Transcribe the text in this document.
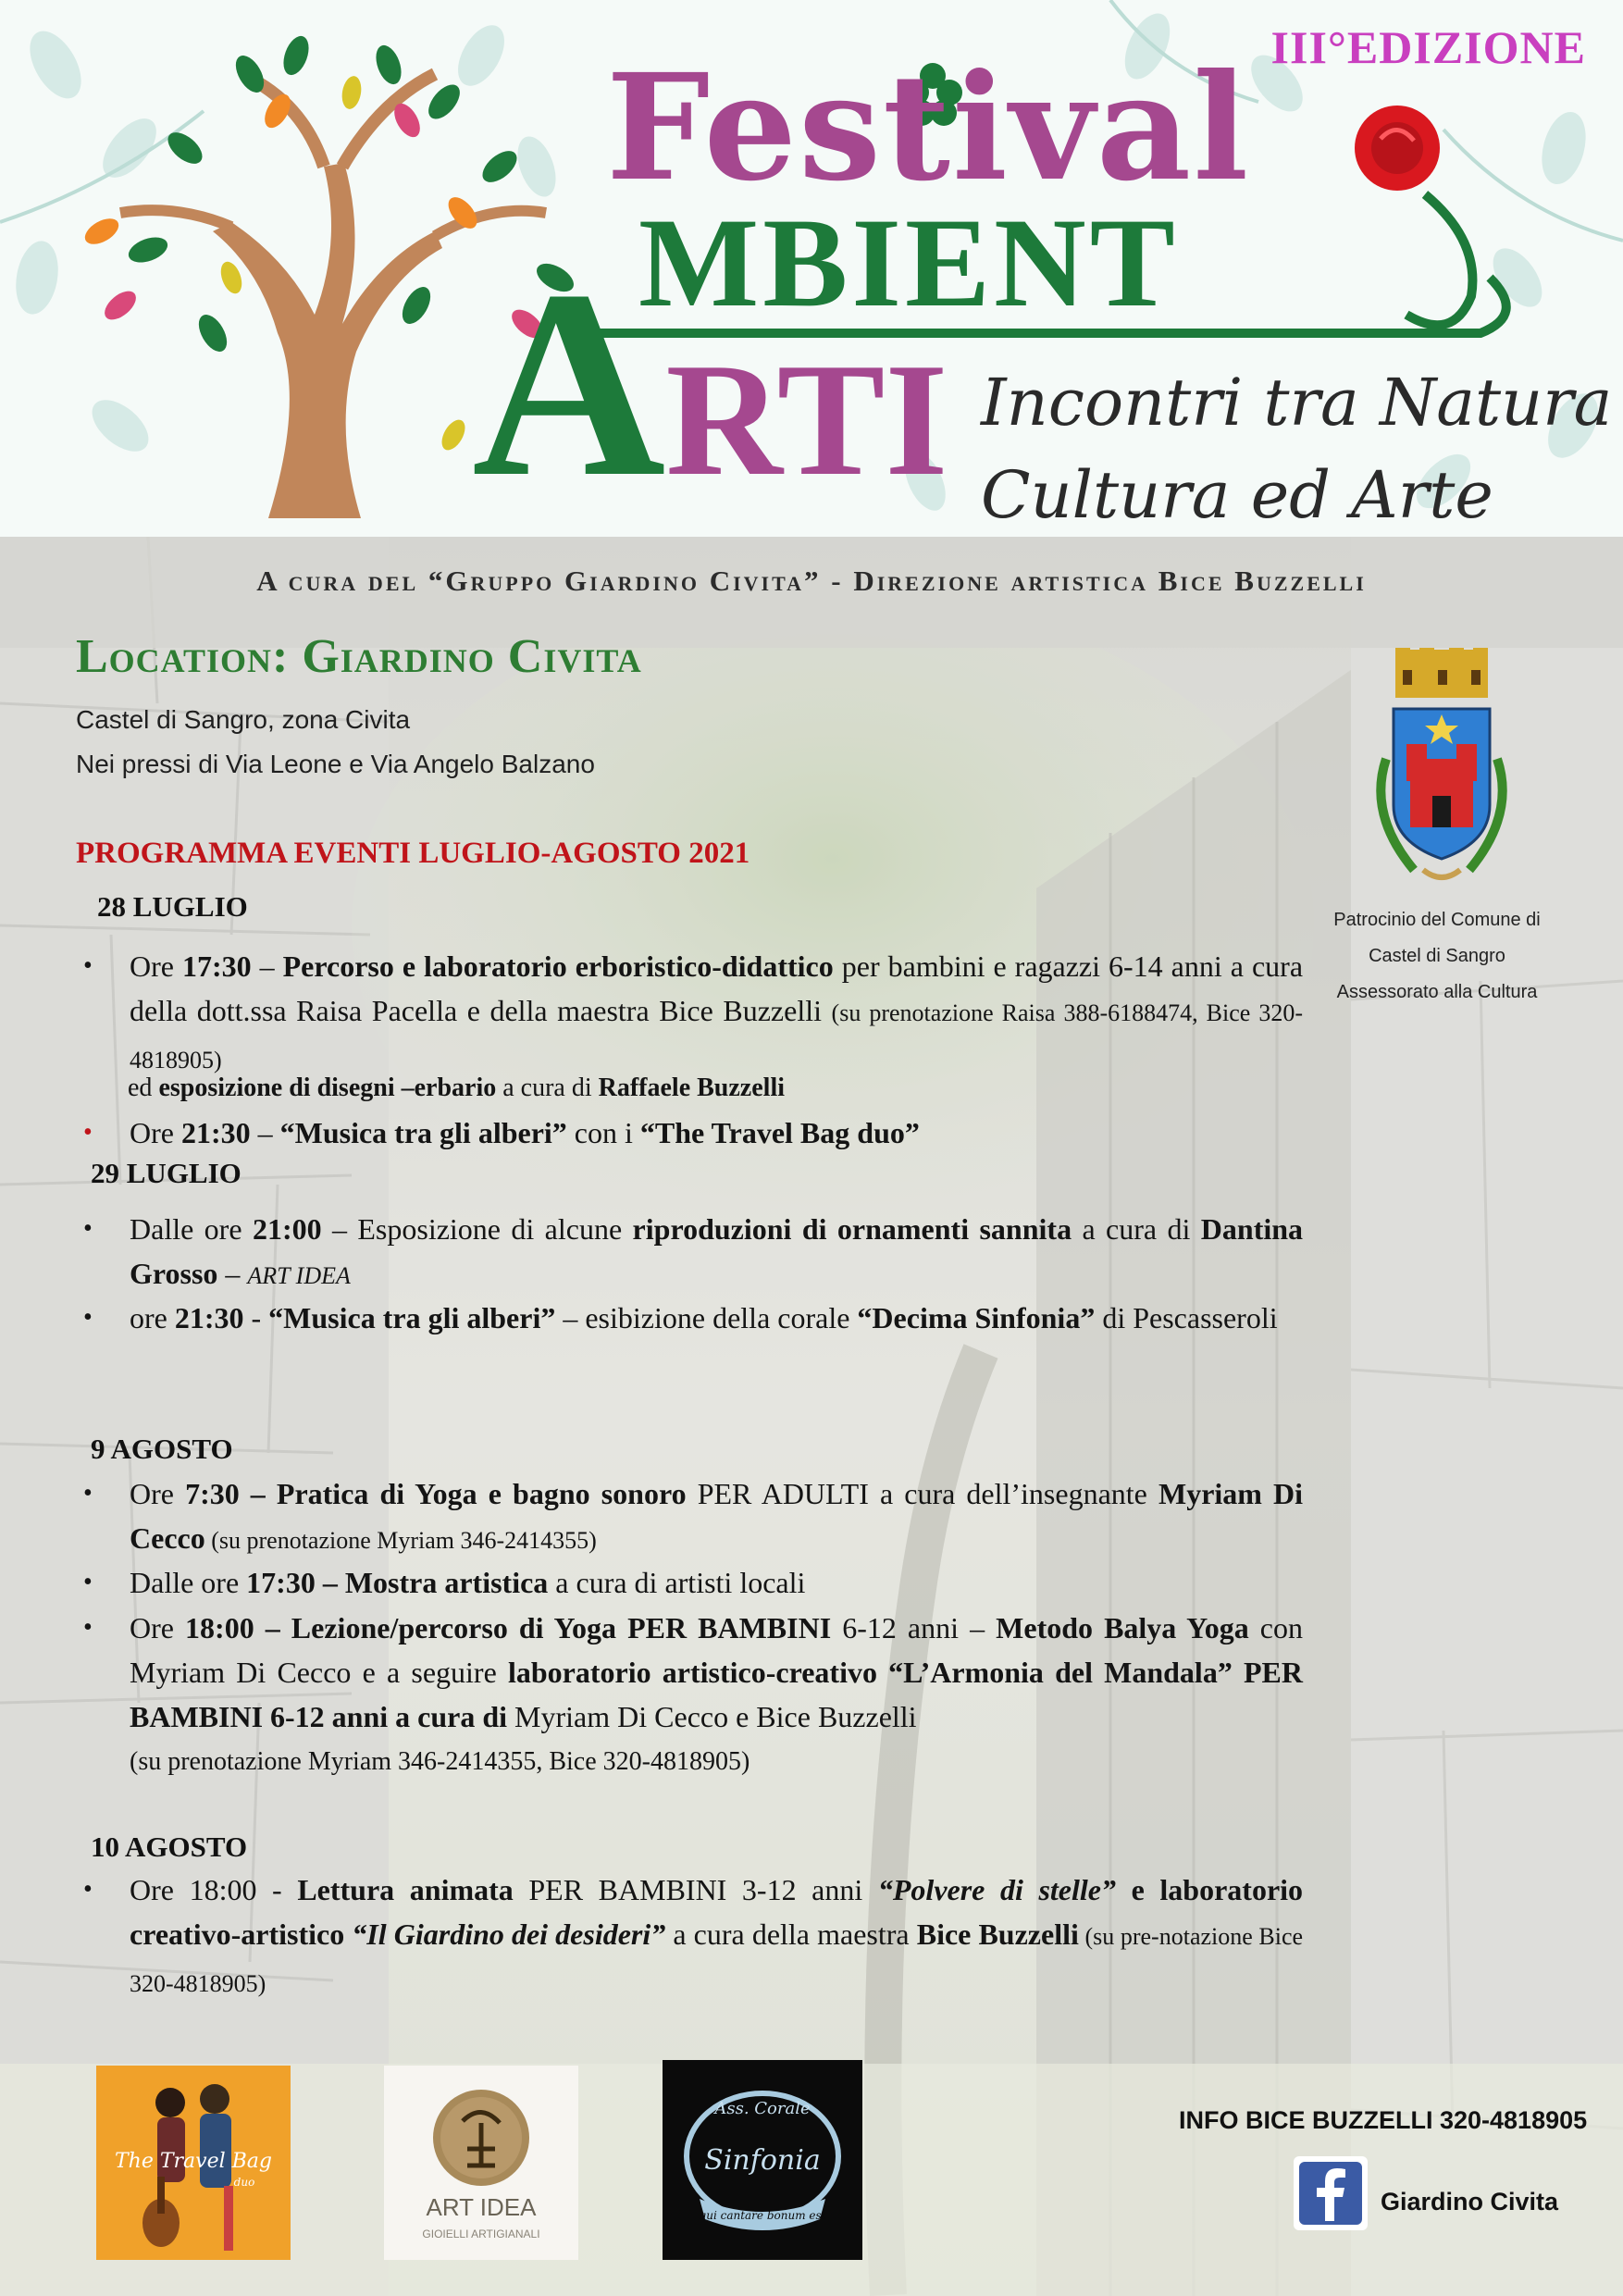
III°EDIZIONE
Festival
MBIENT
ARTI Incontri tra Natura
Cultura ed Arte
A cura del “Gruppo Giardino Civita” - Direzione artistica Bice Buzzelli
Location: Giardino Civita
Castel di Sangro, zona Civita
Nei pressi di Via Leone e Via Angelo Balzano
Patrocinio del Comune di
Castel di Sangro
Assessorato alla Cultura
PROGRAMMA EVENTI LUGLIO-AGOSTO 2021
28 LUGLIO
• Ore 17:30 – Percorso e laboratorio erboristico-didattico per bambini e ragazzi 6-14 anni a cura della dott.ssa Raisa Pacella e della maestra Bice Buzzelli (su prenotazione Raisa 388-6188474, Bice 320-4818905)
ed esposizione di disegni –erbario a cura di Raffaele Buzzelli
• Ore 21:30 – “Musica tra gli alberi” con i “The Travel Bag duo”
29 LUGLIO
• Dalle ore 21:00 – Esposizione di alcune riproduzioni di ornamenti sannita a cura di Dantina Grosso – ART IDEA
• ore 21:30 - “Musica tra gli alberi” – esibizione della corale “Decima Sinfonia” di Pescasseroli
9 AGOSTO
• Ore 7:30 – Pratica di Yoga e bagno sonoro PER ADULTI a cura dell’insegnante Myriam Di Cecco (su prenotazione Myriam 346-2414355)
• Dalle ore 17:30 – Mostra artistica a cura di artisti locali
• Ore 18:00 – Lezione/percorso di Yoga PER BAMBINI 6-12 anni – Metodo Balya Yoga con Myriam Di Cecco e a seguire laboratorio artistico-creativo “L’Armonia del Mandala” PER BAMBINI 6-12 anni a cura di Myriam Di Cecco e Bice Buzzelli
(su prenotazione Myriam 346-2414355, Bice 320-4818905)
10 AGOSTO
• Ore 18:00 - Lettura animata PER BAMBINI 3-12 anni “Polvere di stelle” e laboratorio creativo-artistico “Il Giardino dei desideri” a cura della maestra Bice Buzzelli (su pre-notazione Bice 320-4818905)
The Travel Bag
duo
ART IDEA
GIOIELLI ARTIGIANALI
Ass. Corale
Sinfonia
qui cantare bonum est
INFO BICE BUZZELLI 320-4818905
Giardino Civita
